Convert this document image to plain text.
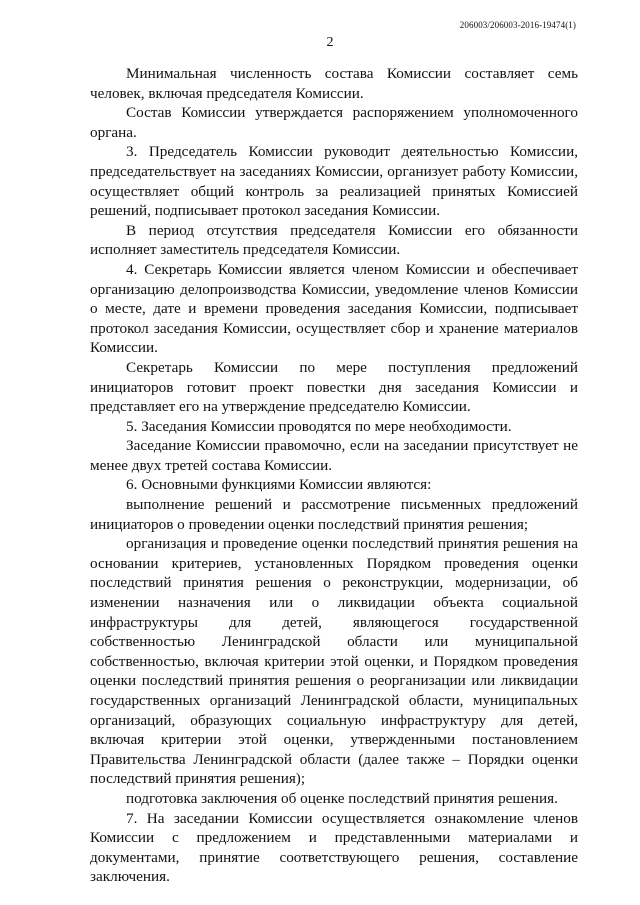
206003/206003-2016-19474(1)
2

Минимальная численность состава Комиссии составляет семь человек, включая председателя Комиссии.

Состав Комиссии утверждается распоряжением уполномоченного органа.

3. Председатель Комиссии руководит деятельностью Комиссии, председательствует на заседаниях Комиссии, организует работу Комиссии, осуществляет общий контроль за реализацией принятых Комиссией решений, подписывает протокол заседания Комиссии.

В период отсутствия председателя Комиссии его обязанности исполняет заместитель председателя Комиссии.

4. Секретарь Комиссии является членом Комиссии и обеспечивает организацию делопроизводства Комиссии, уведомление членов Комиссии о месте, дате и времени проведения заседания Комиссии, подписывает протокол заседания Комиссии, осуществляет сбор и хранение материалов Комиссии.

Секретарь Комиссии по мере поступления предложений инициаторов готовит проект повестки дня заседания Комиссии и представляет его на утверждение председателю Комиссии.

5. Заседания Комиссии проводятся по мере необходимости.

Заседание Комиссии правомочно, если на заседании присутствует не менее двух третей состава Комиссии.

6. Основными функциями Комиссии являются:

выполнение решений и рассмотрение письменных предложений инициаторов о проведении оценки последствий принятия решения;

организация и проведение оценки последствий принятия решения на основании критериев, установленных Порядком проведения оценки последствий принятия решения о реконструкции, модернизации, об изменении назначения или о ликвидации объекта социальной инфраструктуры для детей, являющегося государственной собственностью Ленинградской области или муниципальной собственностью, включая критерии этой оценки, и Порядком проведения оценки последствий принятия решения о реорганизации или ликвидации государственных организаций Ленинградской области, муниципальных организаций, образующих социальную инфраструктуру для детей, включая критерии этой оценки, утвержденными постановлением Правительства Ленинградской области (далее также – Порядки оценки последствий принятия решения);

подготовка заключения об оценке последствий принятия решения.

7. На заседании Комиссии осуществляется ознакомление членов Комиссии с предложением и представленными материалами и документами, принятие соответствующего решения, составление заключения.
